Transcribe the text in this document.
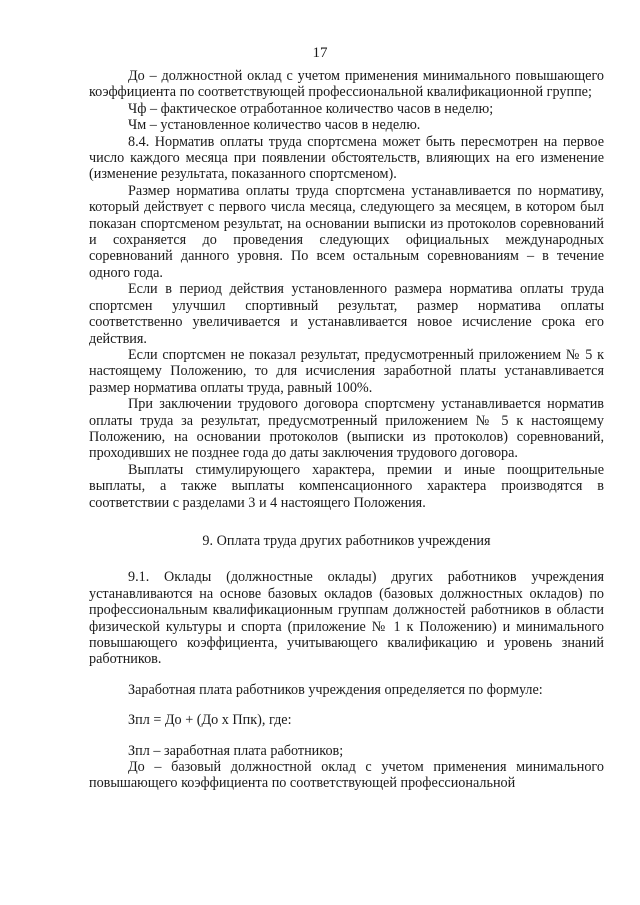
17

До – должностной оклад с учетом применения минимального повышающего коэффициента по соответствующей профессиональной квалификационной группе;

Чф – фактическое отработанное количество часов в неделю;

Чм – установленное количество часов в неделю.

8.4. Норматив оплаты труда спортсмена может быть пересмотрен на первое число каждого месяца при появлении обстоятельств, влияющих на его изменение (изменение результата, показанного спортсменом).

Размер норматива оплаты труда спортсмена устанавливается по нормативу, который действует с первого числа месяца, следующего за месяцем, в котором был показан спортсменом результат, на основании выписки из протоколов соревнований и сохраняется до проведения следующих официальных международных соревнований данного уровня. По всем остальным соревнованиям – в течение одного года.

Если в период действия установленного размера норматива оплаты труда спортсмен улучшил спортивный результат, размер норматива оплаты соответственно увеличивается и устанавливается новое исчисление срока его действия.

Если спортсмен не показал результат, предусмотренный приложением № 5 к настоящему Положению, то для исчисления заработной платы устанавливается размер норматива оплаты труда, равный 100%.

При заключении трудового договора спортсмену устанавливается норматив оплаты труда за результат, предусмотренный приложением № 5 к настоящему Положению, на основании протоколов (выписки из протоколов) соревнований, проходивших не позднее года до даты заключения трудового договора.

Выплаты стимулирующего характера, премии и иные поощрительные выплаты, а также выплаты компенсационного характера производятся в соответствии с разделами 3 и 4 настоящего Положения.

9. Оплата труда других работников учреждения

9.1. Оклады (должностные оклады) других работников учреждения устанавливаются на основе базовых окладов (базовых должностных окладов) по профессиональным квалификационным группам должностей работников в области физической культуры и спорта (приложение № 1 к Положению) и минимального повышающего коэффициента, учитывающего квалификацию и уровень знаний работников.

Заработная плата работников учреждения определяется по формуле:

Зпл = До + (До х Ппк), где:

Зпл – заработная плата работников;

До – базовый должностной оклад с учетом применения минимального повышающего коэффициента по соответствующей профессиональной
